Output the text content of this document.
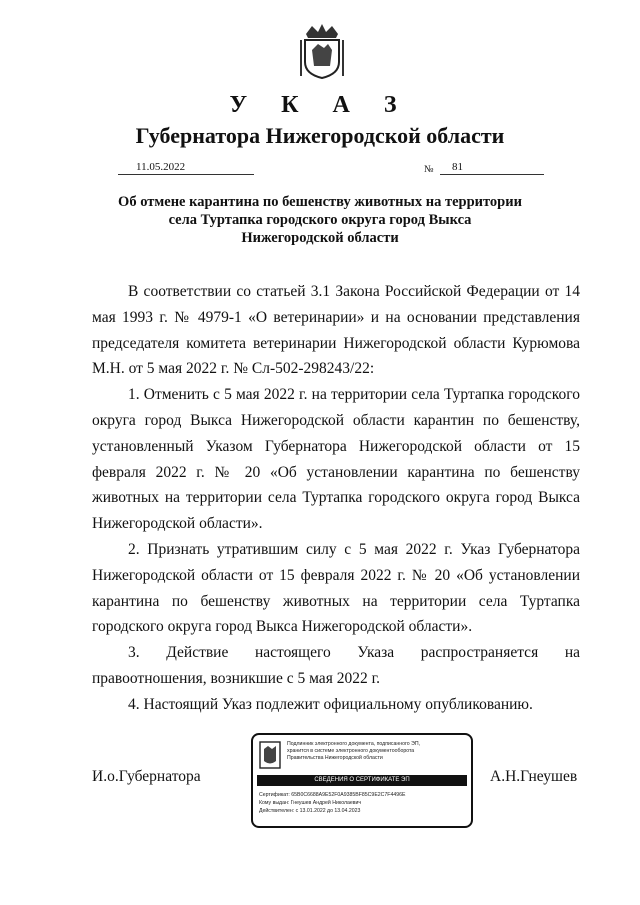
У К А З
Губернатора Нижегородской области
11.05.2022	№	81
Об отмене карантина по бешенству животных на территории
села Туртапка городского округа город Выкса
Нижегородской области

В соответствии со статьей 3.1 Закона Российской Федерации от 14 мая 1993 г. № 4979-1 «О ветеринарии» и на основании представления председателя комитета ветеринарии Нижегородской области Курюмова М.Н. от 5 мая 2022 г. № Сл-502-298243/22:

1. Отменить с 5 мая 2022 г. на территории села Туртапка городского округа город Выкса Нижегородской области карантин по бешенству, установленный Указом Губернатора Нижегородской области от 15 февраля 2022 г. № 20 «Об установлении карантина по бешенству животных на территории села Туртапка городского округа город Выкса Нижегородской области».

2. Признать утратившим силу с 5 мая 2022 г. Указ Губернатора Нижегородской области от 15 февраля 2022 г. № 20 «Об установлении карантина по бешенству животных на территории села Туртапка городского округа город Выкса Нижегородской области».

3. Действие настоящего Указа распространяется на правоотношения, возникшие с 5 мая 2022 г.

4. Настоящий Указ подлежит официальному опубликованию.

И.о.Губернатора	А.Н.Гнеушев
Подлинник электронного документа, подписанного ЭП,
хранится в системе электронного документооборота
Правительства Нижегородской области
СВЕДЕНИЯ О СЕРТИФИКАТЕ ЭП
Сертификат: 65B0C6688A9E52F0A9385BF85C9E2C7F4496E
Кому выдан: Гнеушев Андрей Николаевич
Действителен: с 13.01.2022 до 13.04.2023
